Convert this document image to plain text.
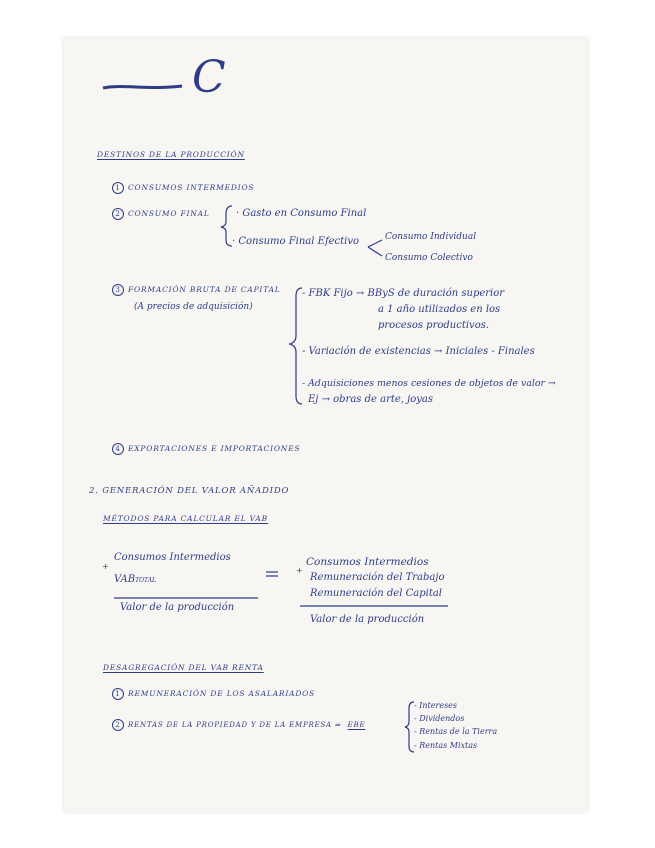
C
DESTINOS DE LA PRODUCCIÓN
1 CONSUMOS INTERMEDIOS
2 CONSUMO FINAL	· Gasto en Consumo Final
· Consumo Final Efectivo	Consumo Individual
Consumo Colectivo
3 FORMACIÓN BRUTA DE CAPITAL
(A precios de adquisición)
- FBK Fijo → BByS de duración superior
a 1 año utilizados en los
procesos productivos.
- Variación de existencias → Iniciales - Finales
- Adquisiciones menos cesiones de objetos de valor →
Ej → obras de arte, joyas
4 EXPORTACIONES E IMPORTACIONES
2. GENERACIÓN DEL VALOR AÑADIDO
MÉTODOS PARA CALCULAR EL VAB
Consumos Intermedios
+
VABTOTAL
Valor de la producción
Consumos Intermedios
+
Remuneración del Trabajo
Remuneración del Capital
Valor de la producción
DESAGREGACIÓN DEL VAB RENTA
1 REMUNERACIÓN DE LOS ASALARIADOS
2 RENTAS DE LA PROPIEDAD Y DE LA EMPRESA ⇒ EBE
- Intereses
- Dividendos
- Rentas de la Tierra
- Rentas Mixtas
